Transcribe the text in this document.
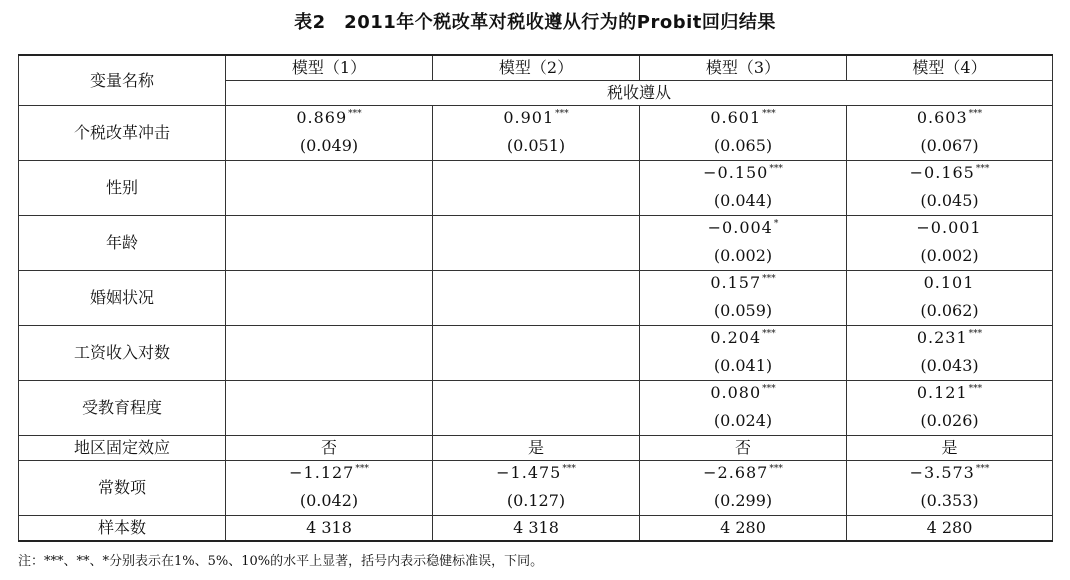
表2　2011年个税改革对税收遵从行为的Probit回归结果
变量名称	模型（1）	模型（2）	模型（3）	模型（4）
	税收遵从			
个税改革冲击	0.869***	0.901***	0.601***	0.603***
	(0.049)	(0.051)	(0.065)	(0.067)
性别			−0.150***	−0.165***
			(0.044)	(0.045)
年龄			−0.004*	−0.001
			(0.002)	(0.002)
婚姻状况			0.157***	0.101
			(0.059)	(0.062)
工资收入对数			0.204***	0.231***
			(0.041)	(0.043)
受教育程度			0.080***	0.121***
			(0.024)	(0.026)
地区固定效应	否	是	否	是
常数项	−1.127***	−1.475***	−2.687***	−3.573***
	(0.042)	(0.127)	(0.299)	(0.353)
样本数	4 318	4 318	4 280	4 280
注：***、**、*分别表示在1%、5%、10%的水平上显著，括号内表示稳健标准误，下同。
